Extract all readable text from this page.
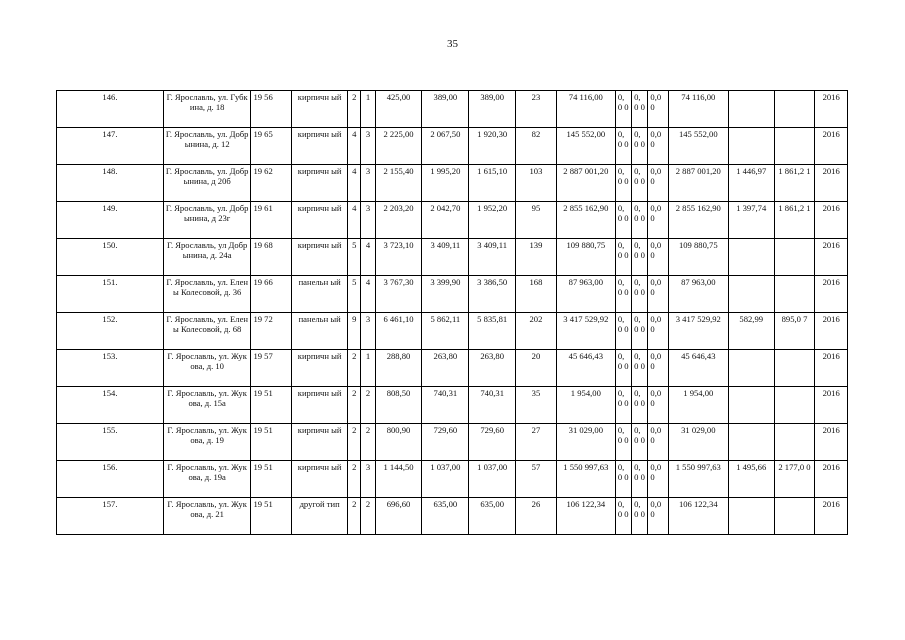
35
146.	Г. Ярославль, ул. Губкина, д. 18	19 56	кирпичн ый	2	1	425,00	389,00	389,00	23	74 116,00	0, 0 0	0, 0 0	0,0 0	74 116,00			2016
147.	Г. Ярославль, ул. Добрынина, д. 12	19 65	кирпичн ый	4	3	2 225,00	2 067,50	1 920,30	82	145 552,00	0, 0 0	0, 0 0	0,0 0	145 552,00			2016
148.	Г. Ярославль, ул. Добрынина, д 20б	19 62	кирпичн ый	4	3	2 155,40	1 995,20	1 615,10	103	2 887 001,20	0, 0 0	0, 0 0	0,0 0	2 887 001,20	1 446,97	1 861,2 1	2016
149.	Г. Ярославль, ул. Добрынина, д 23г	19 61	кирпичн ый	4	3	2 203,20	2 042,70	1 952,20	95	2 855 162,90	0, 0 0	0, 0 0	0,0 0	2 855 162,90	1 397,74	1 861,2 1	2016
150.	Г. Ярославль, ул Добрынина, д. 24а	19 68	кирпичн ый	5	4	3 723,10	3 409,11	3 409,11	139	109 880,75	0, 0 0	0, 0 0	0,0 0	109 880,75			2016
151.	Г. Ярославль, ул. Елены Колесовой, д. 36	19 66	панельн ый	5	4	3 767,30	3 399,90	3 386,50	168	87 963,00	0, 0 0	0, 0 0	0,0 0	87 963,00			2016
152.	Г. Ярославль, ул. Елены Колесовой, д. 68	19 72	панельн ый	9	3	6 461,10	5 862,11	5 835,81	202	3 417 529,92	0, 0 0	0, 0 0	0,0 0	3 417 529,92	582,99	895,0 7	2016
153.	Г. Ярославль, ул. Жукова, д. 10	19 57	кирпичн ый	2	1	288,80	263,80	263,80	20	45 646,43	0, 0 0	0, 0 0	0,0 0	45 646,43			2016
154.	Г. Ярославль, ул. Жукова, д. 15а	19 51	кирпичн ый	2	2	808,50	740,31	740,31	35	1 954,00	0, 0 0	0, 0 0	0,0 0	1 954,00			2016
155.	Г. Ярославль, ул. Жукова, д. 19	19 51	кирпичн ый	2	2	800,90	729,60	729,60	27	31 029,00	0, 0 0	0, 0 0	0,0 0	31 029,00			2016
156.	Г. Ярославль, ул. Жукова, д. 19а	19 51	кирпичн ый	2	3	1 144,50	1 037,00	1 037,00	57	1 550 997,63	0, 0 0	0, 0 0	0,0 0	1 550 997,63	1 495,66	2 177,0 0	2016
157.	Г. Ярославль, ул. Жукова, д. 21	19 51	другой тип	2	2	696,60	635,00	635,00	26	106 122,34	0, 0 0	0, 0 0	0,0 0	106 122,34			2016
